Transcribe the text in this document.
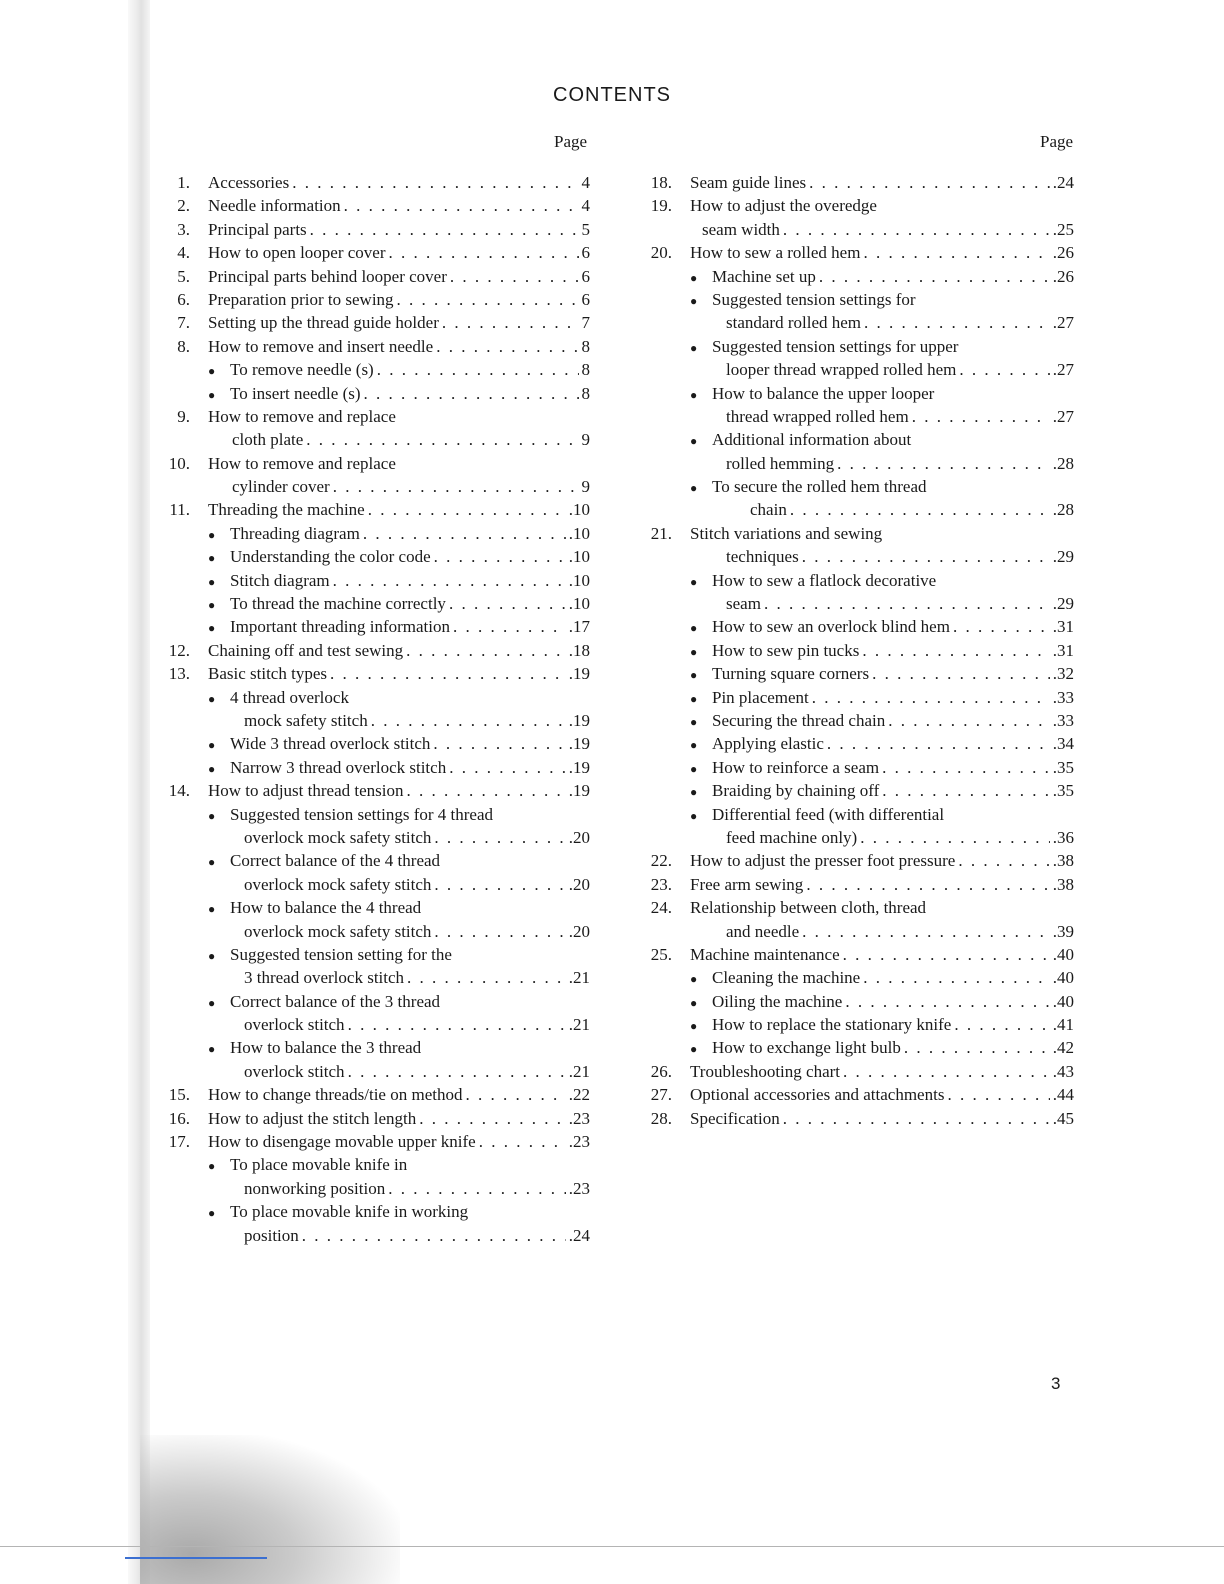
CONTENTS
Page	Page
1. Accessories . . .	4
2. Needle information . . .	4
3. Principal parts . . .	5
4. How to open looper cover . . .	6
5. Principal parts behind looper cover . . .	6
6. Preparation prior to sewing . . .	6
7. Setting up the thread guide holder . . .	7
8. How to remove and insert needle . . .	8
● To remove needle (s) . . .	8
● To insert needle (s) . . .	8
9. How to remove and replace
cloth plate . . .	9
10. How to remove and replace
cylinder cover . . .	9
11. Threading the machine . . .	.10
● Threading diagram . . .	.10
● Understanding the color code . . .	.10
● Stitch diagram . . .	.10
● To thread the machine correctly . . .	.10
● Important threading information . . .	.17
12. Chaining off and test sewing . . .	.18
13. Basic stitch types . . .	.19
● 4 thread overlock
mock safety stitch . . .	.19
● Wide 3 thread overlock stitch . . .	.19
● Narrow 3 thread overlock stitch . . .	.19
14. How to adjust thread tension . . .	.19
● Suggested tension settings for 4 thread
overlock mock safety stitch . . .	.20
● Correct balance of the 4 thread
overlock mock safety stitch . . .	.20
● How to balance the 4 thread
overlock mock safety stitch . . .	.20
● Suggested tension setting for the
3 thread overlock stitch . . .	.21
● Correct balance of the 3 thread
overlock stitch . . .	.21
● How to balance the 3 thread
overlock stitch . . .	.21
15. How to change threads/tie on method . . .	.22
16. How to adjust the stitch length . . .	.23
17. How to disengage movable upper knife . . .	.23
● To place movable knife in
nonworking position . . .	.23
● To place movable knife in working
position . . .	.24
18. Seam guide lines . . .	.24
19. How to adjust the overedge
seam width . . .	.25
20. How to sew a rolled hem . . .	.26
● Machine set up . . .	.26
● Suggested tension settings for
standard rolled hem . . .	.27
● Suggested tension settings for upper
looper thread wrapped rolled hem . . .	.27
● How to balance the upper looper
thread wrapped rolled hem . . .	.27
● Additional information about
rolled hemming . . .	.28
● To secure the rolled hem thread
chain . . .	.28
21. Stitch variations and sewing
techniques . . .	.29
● How to sew a flatlock decorative
seam . . .	.29
● How to sew an overlock blind hem . . .	.31
● How to sew pin tucks . . .	.31
● Turning square corners . . .	.32
● Pin placement . . .	.33
● Securing the thread chain . . .	.33
● Applying elastic . . .	.34
● How to reinforce a seam . . .	.35
● Braiding by chaining off . . .	.35
● Differential feed (with differential
feed machine only) . . .	.36
22. How to adjust the presser foot pressure . . .	.38
23. Free arm sewing . . .	.38
24. Relationship between cloth, thread
and needle . . .	.39
25. Machine maintenance . . .	.40
● Cleaning the machine . . .	.40
● Oiling the machine . . .	.40
● How to replace the stationary knife . . .	.41
● How to exchange light bulb . . .	.42
26. Troubleshooting chart . . .	.43
27. Optional accessories and attachments . . .	.44
28. Specification . . .	.45
3
